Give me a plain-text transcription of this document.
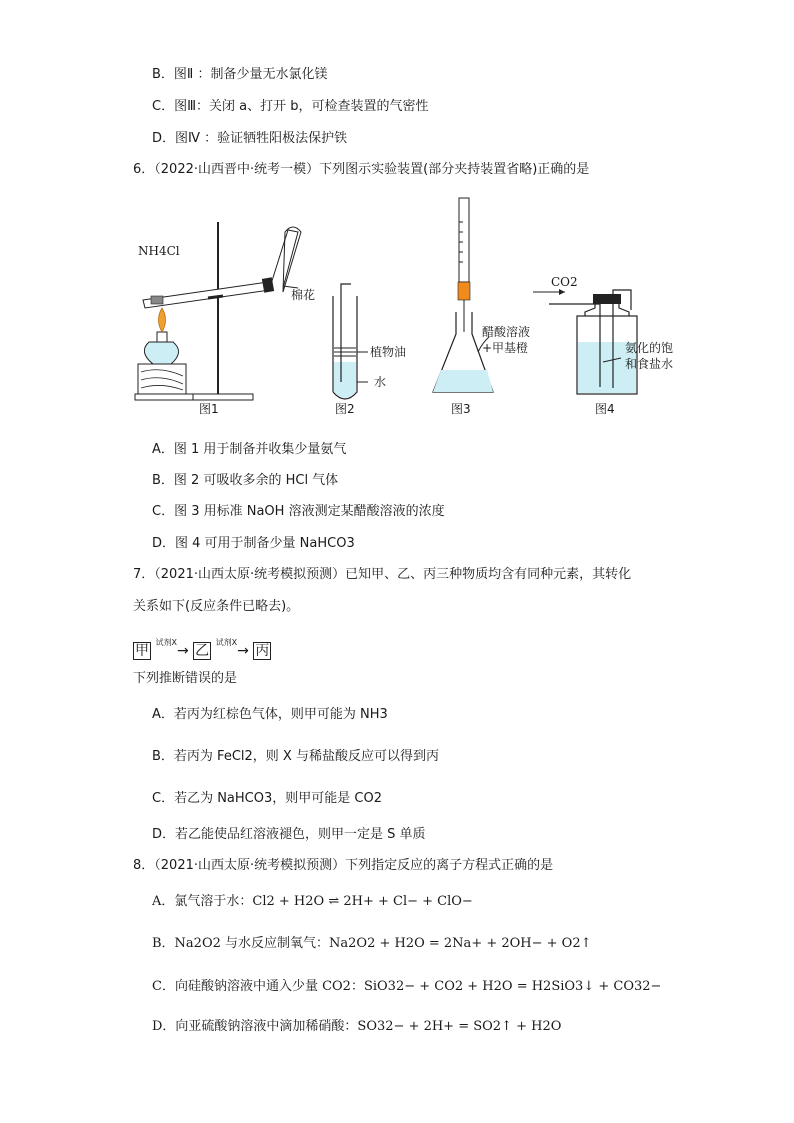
B．图Ⅱ ：制备少量无水氯化镁
C．图Ⅲ：关闭 a、打开 b，可检查装置的气密性
D．图Ⅳ ：验证牺牲阳极法保护铁
6．（2022·山西晋中·统考一模）下列图示实验装置(部分夹持装置省略)正确的是
NH4Cl
棉花
图1
植物油
水
图2
醋酸溶液
+甲基橙
图3
CO2
氨化的饱
和食盐水
图4
A．图 1 用于制备并收集少量氨气
B．图 2 可吸收多余的 HCl 气体
C．图 3 用标准 NaOH 溶液测定某醋酸溶液的浓度
D．图 4 可用于制备少量 NaHCO3
7．（2021·山西太原·统考模拟预测）已知甲、乙、丙三种物质均含有同种元素，其转化
关系如下(反应条件已略去)。
甲 $^{试剂X}$→ 乙 $^{试剂X}$→ 丙
下列推断错误的是
A．若丙为红棕色气体，则甲可能为 NH3
B．若丙为 FeCl2，则 X 与稀盐酸反应可以得到丙
C．若乙为 NaHCO3，则甲可能是 CO2
D．若乙能使品红溶液褪色，则甲一定是 S 单质
8．（2021·山西太原·统考模拟预测）下列指定反应的离子方程式正确的是
A．氯气溶于水：Cl2 + H2O ⇌ 2H+ + Cl− + ClO−
B．Na2O2 与水反应制氧气：Na2O2 + H2O = 2Na+ + 2OH− + O2↑
C．向硅酸钠溶液中通入少量 CO2：SiO32− + CO2 + H2O = H2SiO3↓ + CO32−
D．向亚硫酸钠溶液中滴加稀硝酸：SO32− + 2H+ = SO2↑ + H2O
